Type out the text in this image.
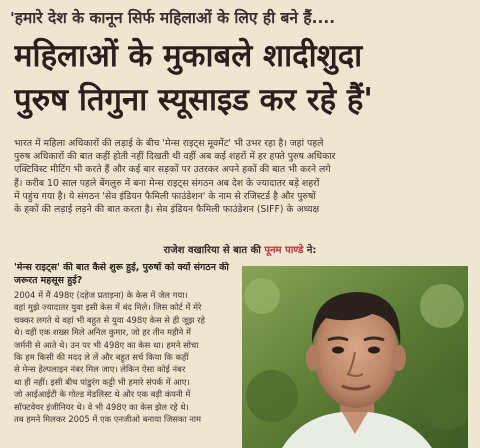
'हमारे देश के कानून सिर्फ महिलाओं के लिए ही बने हैं....
महिलाओं के मुकाबले शादीशुदा
पुरुष तिगुना स्यूसाइड कर रहे हैं'
भारत में महिला अधिकारों की लड़ाई के बीच 'मेन्स राइट्स मूवमेंट' भी उभर रहा है। जहां पहले
पुरुष अधिकारों की बात कहीं होती नहीं दिखती थी वहीं अब कई शहरों में हर हफ्ते पुरुष अधिकार
एक्टिविस्ट मीटिंग भी करते हैं और कई बार सड़कों पर उतरकर अपने हकों की बात भी करने लगे
हैं। करीब 10 साल पहले बेंगलुरु में बना मेन्स राइट्स संगठन अब देश के ज्यादातर बड़े शहरों
में पहुंच गया है। ये संगठन 'सेव इंडियन फैमिली फाउंडेशन' के नाम से रजिस्टर्ड है और पुरुषों
के हकों की लड़ाई लड़ने की बात करता है। सेव इंडियन फैमिली फाउंडेशन (SIFF) के अध्यक्ष
राजेश वखारिया से बात की पूनम पाण्डे ने:
'मेन्स राइट्स' की बात कैसे शुरू हुई, पुरुषों को क्यों संगठन की जरूरत महसूस हुई?
2004 में मैं 498ए (दहेज प्रताड़ना) के केस में जेल गया।
वहां मुझे ज्यादातर युवा इसी केस में बंद मिले। जिस कोर्ट में मेरे
चक्कर लगते थे वहां भी बहुत से युवा 498ए केस से ही जूझ रहे
थे। वहीं एक शख्स मिले अनिल कुमार, जो हर तीन महीने में
जर्मनी से आते थे। उन पर भी 498ए का केस था। हमने सोचा
कि हम किसी की मदद ले लें और बहुत सर्च किया कि कहीं
से मेन्स हेल्पलाइन नंबर मिल जाए। लेकिन ऐसा कोई नंबर
था ही नहीं। इसी बीच पांडुरंग कट्टी भी हमारे संपर्क में आए।
जो आईआईटी के गोल्ड मेडलिस्ट थे और एक बड़ी कंपनी में
सॉफ्टवेयर इंजीनियर थे। वे भी 498ए का केस झेल रहे थे।
तब हमने मिलकर 2005 में एक एनजीओ बनाया जिसका नाम
